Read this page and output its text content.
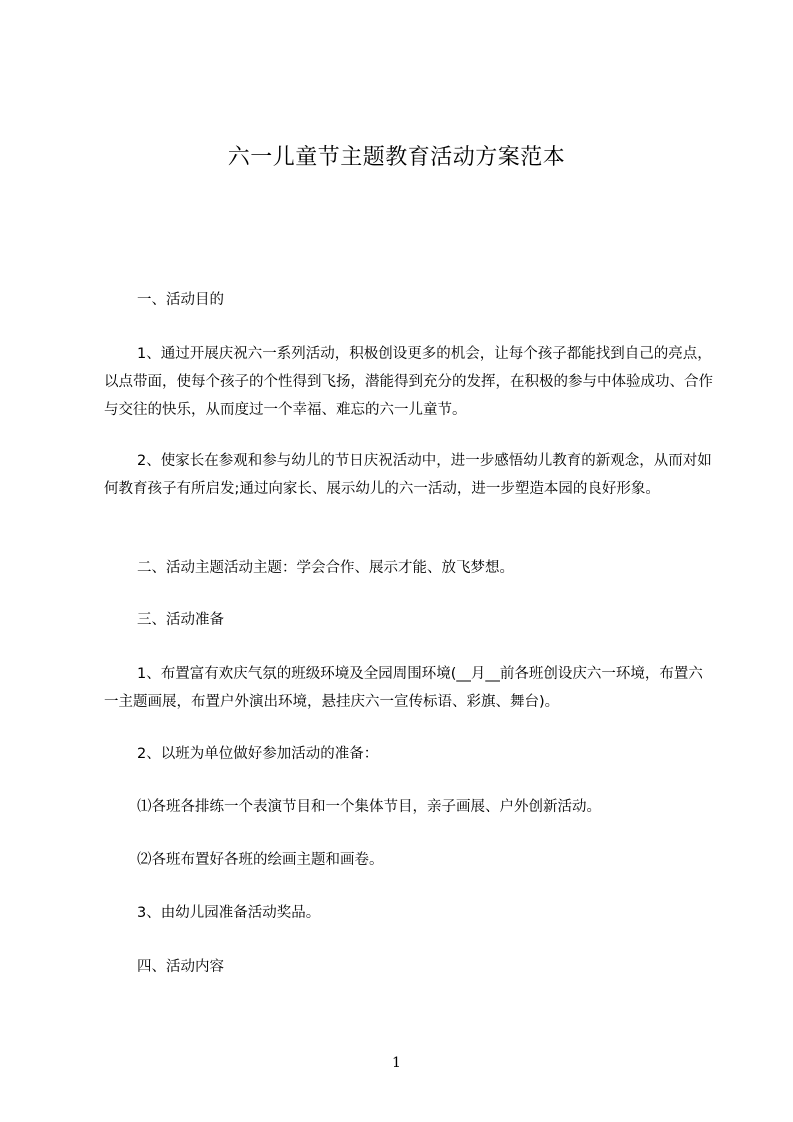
六一儿童节主题教育活动方案范本

一、活动目的

1、通过开展庆祝六一系列活动，积极创设更多的机会，让每个孩子都能找到自己的亮点，以点带面，使每个孩子的个性得到飞扬，潜能得到充分的发挥，在积极的参与中体验成功、合作与交往的快乐，从而度过一个幸福、难忘的六一儿童节。

2、使家长在参观和参与幼儿的节日庆祝活动中，进一步感悟幼儿教育的新观念，从而对如何教育孩子有所启发;通过向家长、展示幼儿的六一活动，进一步塑造本园的良好形象。

二、活动主题活动主题：学会合作、展示才能、放飞梦想。

三、活动准备

1、布置富有欢庆气氛的班级环境及全园周围环境(__月__前各班创设庆六一环境，布置六一主题画展，布置户外演出环境，悬挂庆六一宣传标语、彩旗、舞台)。

2、以班为单位做好参加活动的准备：

⑴各班各排练一个表演节目和一个集体节目，亲子画展、户外创新活动。

⑵各班布置好各班的绘画主题和画卷。

3、由幼儿园准备活动奖品。

四、活动内容

1
